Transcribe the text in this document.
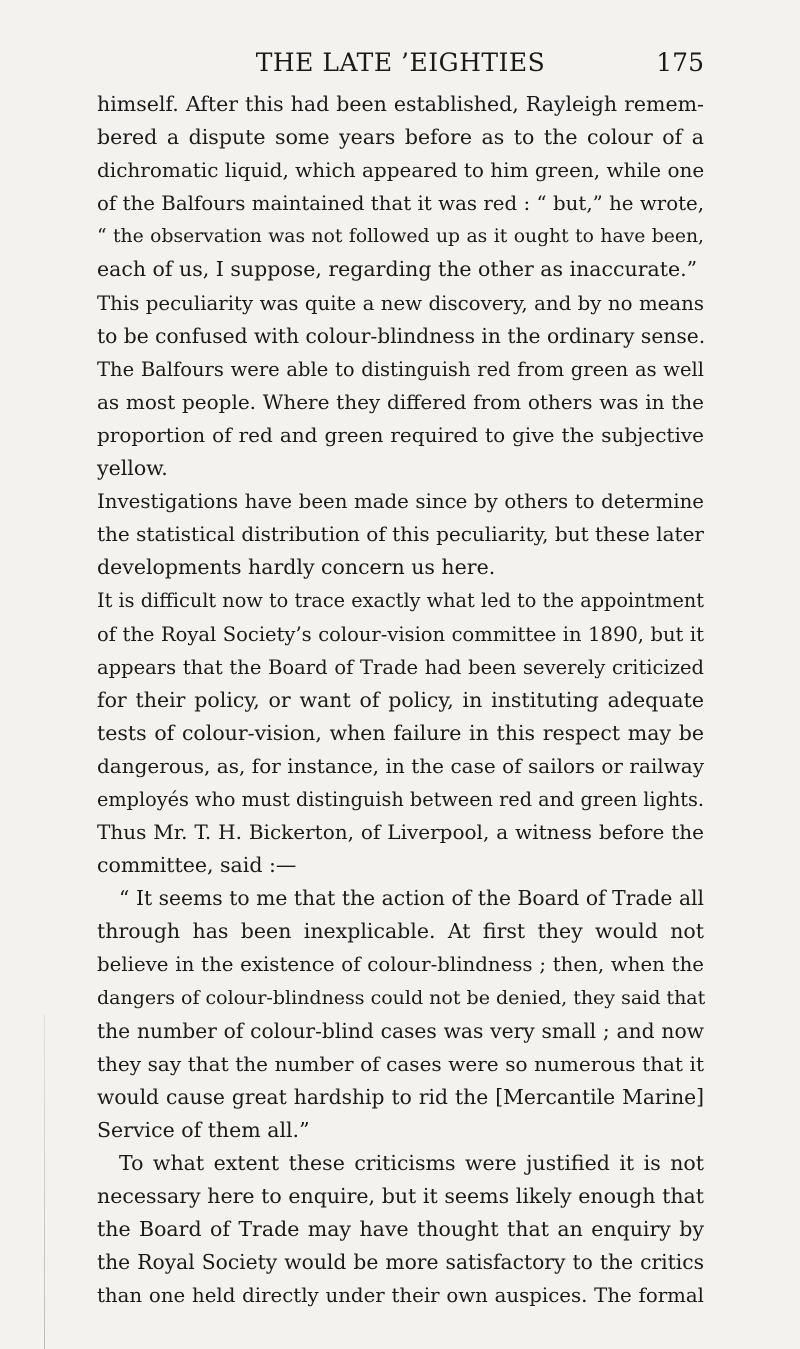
THE LATE ’EIGHTIES	175
himself. After this had been established, Rayleigh remem-
bered a dispute some years before as to the colour of a
dichromatic liquid, which appeared to him green, while one
of the Balfours maintained that it was red : “ but,” he wrote,
“ the observation was not followed up as it ought to have been,
each of us, I suppose, regarding the other as inaccurate.”
This peculiarity was quite a new discovery, and by no means
to be confused with colour-blindness in the ordinary sense.
The Balfours were able to distinguish red from green as well
as most people. Where they differed from others was in the
proportion of red and green required to give the subjective
yellow.
Investigations have been made since by others to determine
the statistical distribution of this peculiarity, but these later
developments hardly concern us here.
It is difficult now to trace exactly what led to the appointment
of the Royal Society’s colour-vision committee in 1890, but it
appears that the Board of Trade had been severely criticized
for their policy, or want of policy, in instituting adequate
tests of colour-vision, when failure in this respect may be
dangerous, as, for instance, in the case of sailors or railway
employés who must distinguish between red and green lights.
Thus Mr. T. H. Bickerton, of Liverpool, a witness before the
committee, said :—
“ It seems to me that the action of the Board of Trade all
through has been inexplicable. At first they would not
believe in the existence of colour-blindness ; then, when the
dangers of colour-blindness could not be denied, they said that
the number of colour-blind cases was very small ; and now
they say that the number of cases were so numerous that it
would cause great hardship to rid the [Mercantile Marine]
Service of them all.”
To what extent these criticisms were justified it is not
necessary here to enquire, but it seems likely enough that
the Board of Trade may have thought that an enquiry by
the Royal Society would be more satisfactory to the critics
than one held directly under their own auspices. The formal
